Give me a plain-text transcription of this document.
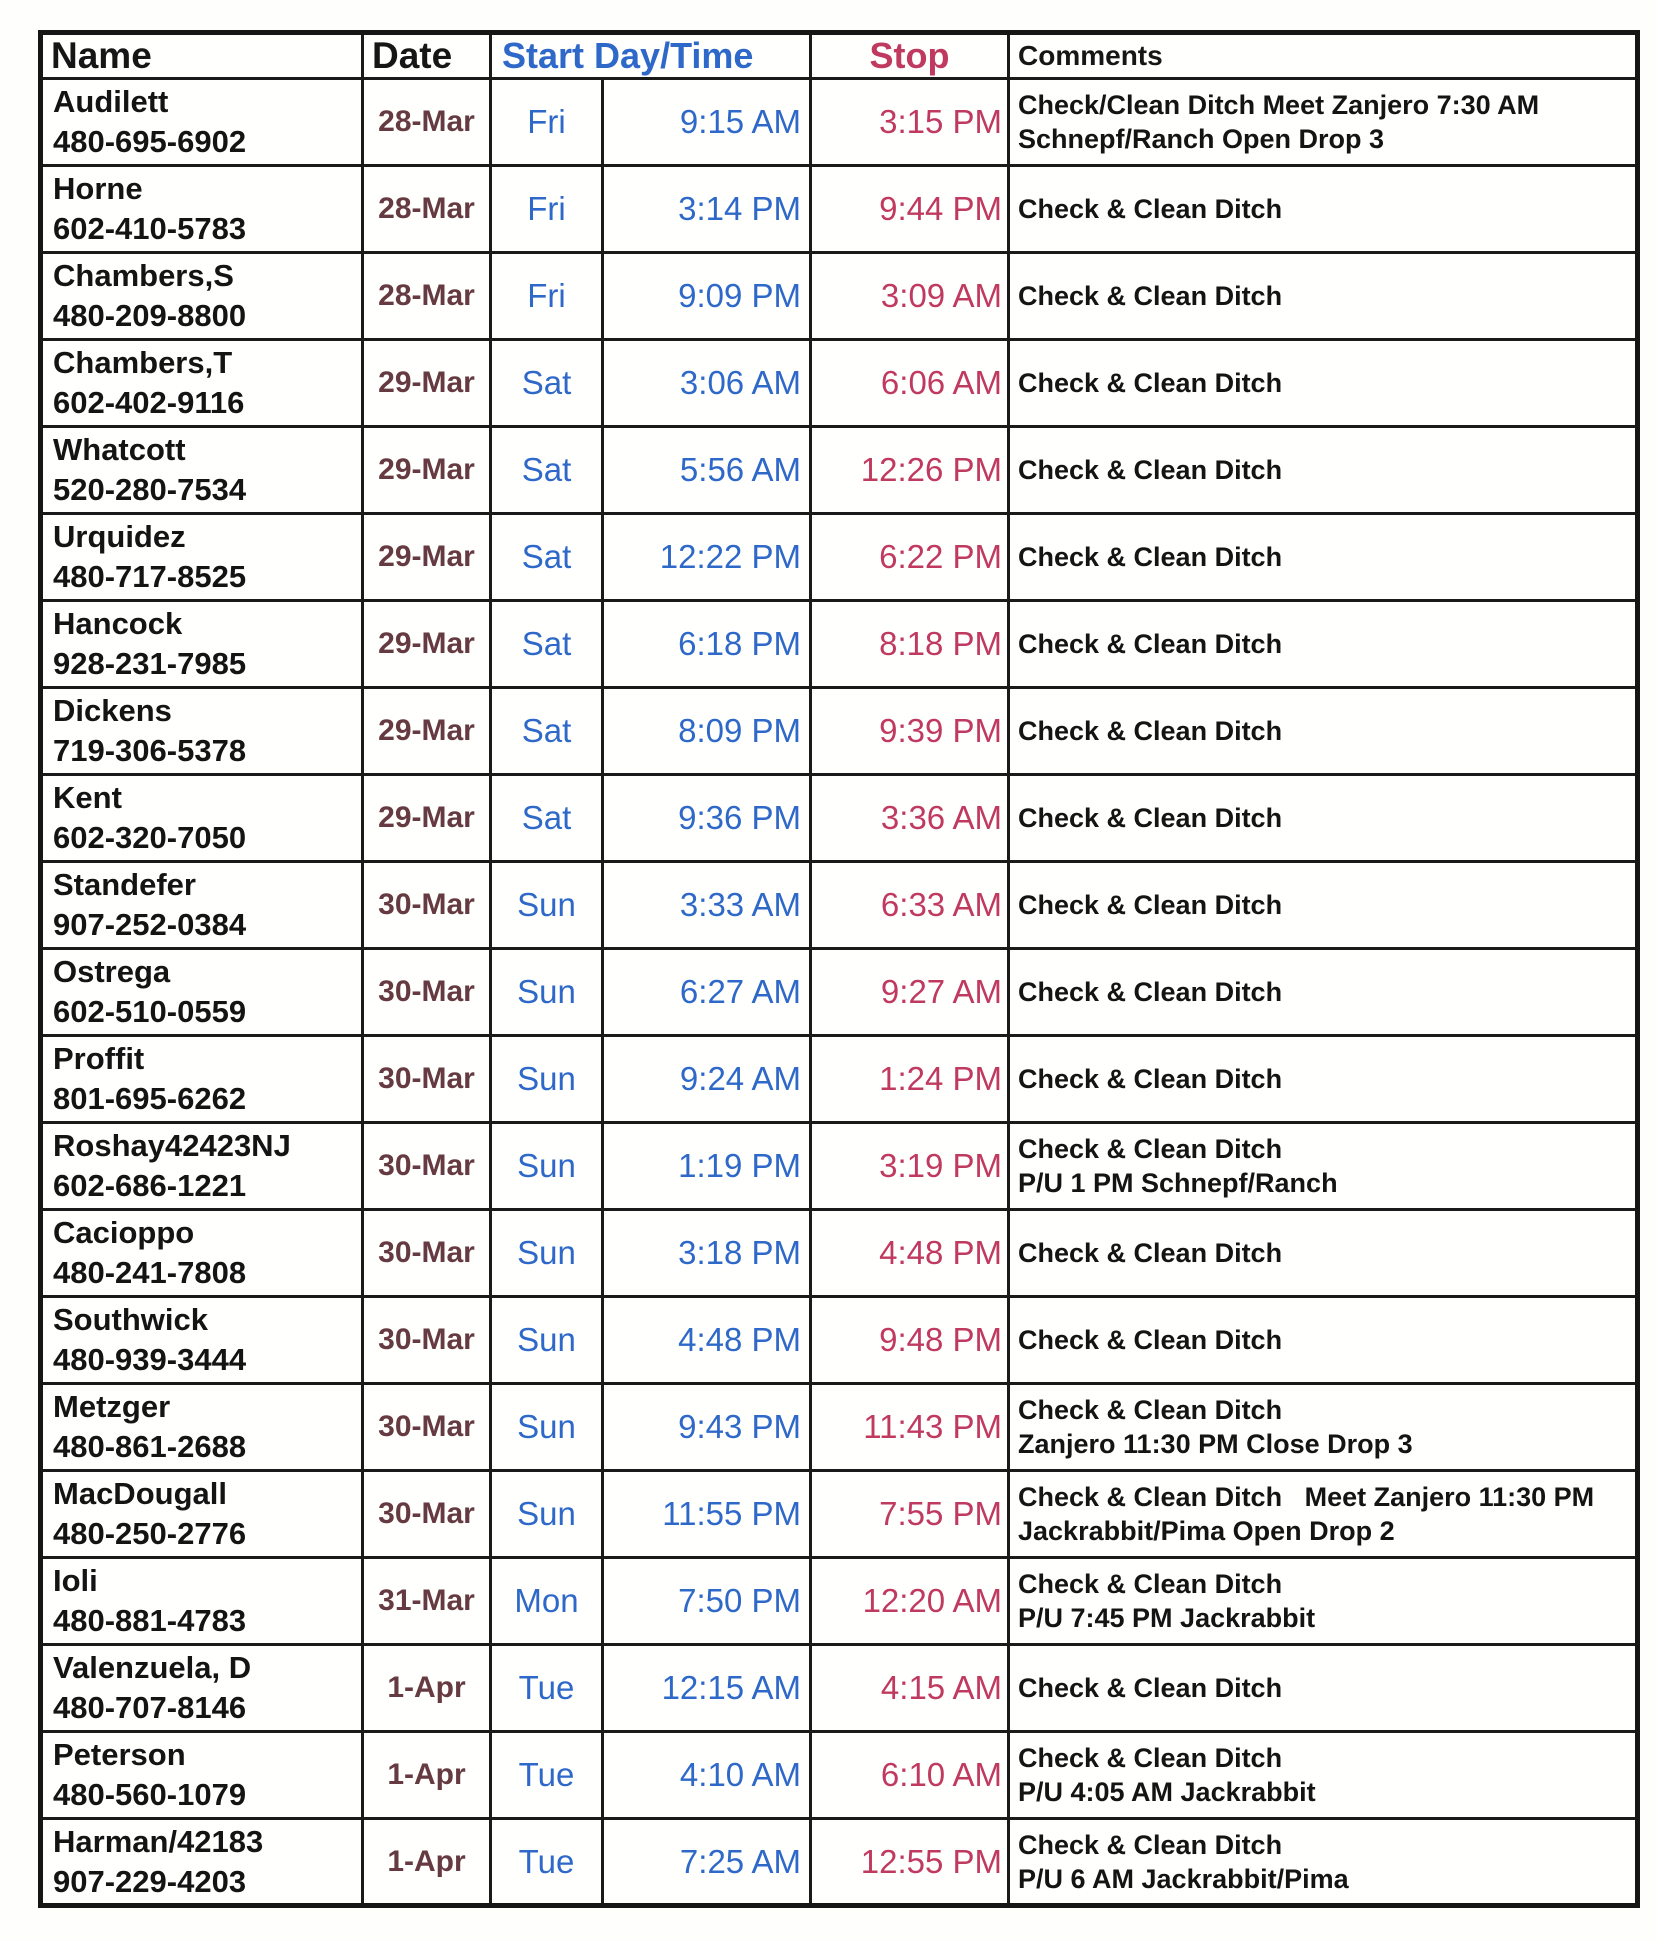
Name	Date	Start Day/Time		Stop	Comments

Audilett
480-695-6902
	28-Mar	Fri	9:15 AM	3:15 PM	Check/Clean Ditch Meet Zanjero 7:30 AM
Schnepf/Ranch Open Drop 3

Horne
602-410-5783	28-Mar	Fri	3:14 PM	9:44 PM	Check & Clean Ditch

Chambers,S
480-209-8800	28-Mar	Fri	9:09 PM	3:09 AM	Check & Clean Ditch

Chambers,T
602-402-9116	29-Mar	Sat	3:06 AM	6:06 AM	Check & Clean Ditch

Whatcott
520-280-7534	29-Mar	Sat	5:56 AM	12:26 PM	Check & Clean Ditch

Urquidez
480-717-8525	29-Mar	Sat	12:22 PM	6:22 PM	Check & Clean Ditch

Hancock
928-231-7985	29-Mar	Sat	6:18 PM	8:18 PM	Check & Clean Ditch

Dickens
719-306-5378	29-Mar	Sat	8:09 PM	9:39 PM	Check & Clean Ditch

Kent
602-320-7050	29-Mar	Sat	9:36 PM	3:36 AM	Check & Clean Ditch

Standefer
907-252-0384	30-Mar	Sun	3:33 AM	6:33 AM	Check & Clean Ditch

Ostrega
602-510-0559	30-Mar	Sun	6:27 AM	9:27 AM	Check & Clean Ditch

Proffit
801-695-6262	30-Mar	Sun	9:24 AM	1:24 PM	Check & Clean Ditch

Roshay42423NJ
602-686-1221
	30-Mar	Sun	1:19 PM	3:19 PM	Check & Clean Ditch
P/U 1 PM Schnepf/Ranch

Cacioppo
480-241-7808	30-Mar	Sun	3:18 PM	4:48 PM	Check & Clean Ditch

Southwick
480-939-3444	30-Mar	Sun	4:48 PM	9:48 PM	Check & Clean Ditch

Metzger
480-861-2688
	30-Mar	Sun	9:43 PM	11:43 PM	Check & Clean Ditch
Zanjero 11:30 PM Close Drop 3

MacDougall
480-250-2776
	30-Mar	Sun	11:55 PM	7:55 PM	Check & Clean Ditch   Meet Zanjero 11:30 PM
Jackrabbit/Pima Open Drop 2

Ioli
480-881-4783
	31-Mar	Mon	7:50 PM	12:20 AM	Check & Clean Ditch
P/U 7:45 PM Jackrabbit

Valenzuela, D
480-707-8146	1-Apr	Tue	12:15 AM	4:15 AM	Check & Clean Ditch

Peterson
480-560-1079
	1-Apr	Tue	4:10 AM	6:10 AM	Check & Clean Ditch
P/U 4:05 AM Jackrabbit

Harman/42183
907-229-4203
	1-Apr	Tue	7:25 AM	12:55 PM	Check & Clean Ditch
P/U 6 AM Jackrabbit/Pima
